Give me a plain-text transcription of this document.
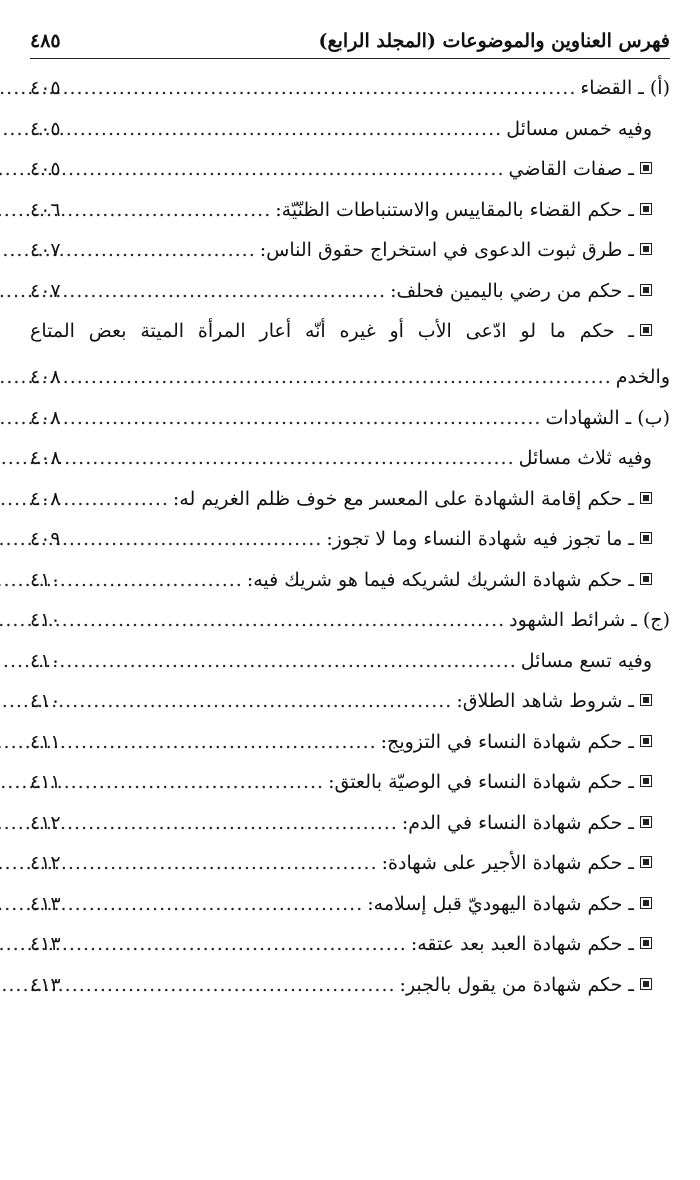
فهرس العناوين والموضوعات (المجلد الرابع)
٤٨٥
(أ) ـ القضاء
.....
٤٠٥
وفيه خمس مسائل
.....
٤٠٥
ـ صفات القاضي
.....
٤٠٥
ـ حكم القضاء بالمقاييس والاستنباطات الظنّيّة:
.....
٤٠٦
ـ طرق ثبوت الدعوى في استخراج حقوق الناس:
.....
٤٠٧
ـ حكم من رضي باليمين فحلف:
.....
٤٠٧
ـ حكم ما لو ادّعى الأب أو غيره أنّه أعار المرأة الميتة بعض المتاع
والخدم
.....
٤٠٨
(ب) ـ الشهادات
.....
٤٠٨
وفيه ثلاث مسائل
.....
٤٠٨
ـ حكم إقامة الشهادة على المعسر مع خوف ظلم الغريم له:
.....
٤٠٨
ـ ما تجوز فيه شهادة النساء وما لا تجوز:
.....
٤٠٩
ـ حكم شهادة الشريك لشريكه فيما هو شريك فيه:
.....
٤١٠
(ج) ـ شرائط الشهود
.....
٤١٠
وفيه تسع مسائل
.....
٤١٠
ـ شروط شاهد الطلاق:
.....
٤١٠
ـ حكم شهادة النساء في التزويج:
.....
٤١١
ـ حكم شهادة النساء في الوصيّة بالعتق:
.....
٤١١
ـ حكم شهادة النساء في الدم:
.....
٤١٢
ـ حكم شهادة الأجير على شهادة:
.....
٤١٢
ـ حكم شهادة اليهوديّ قبل إسلامه:
.....
٤١٣
ـ حكم شهادة العبد بعد عتقه:
.....
٤١٣
ـ حكم شهادة من يقول بالجبر:
.....
٤١٣
